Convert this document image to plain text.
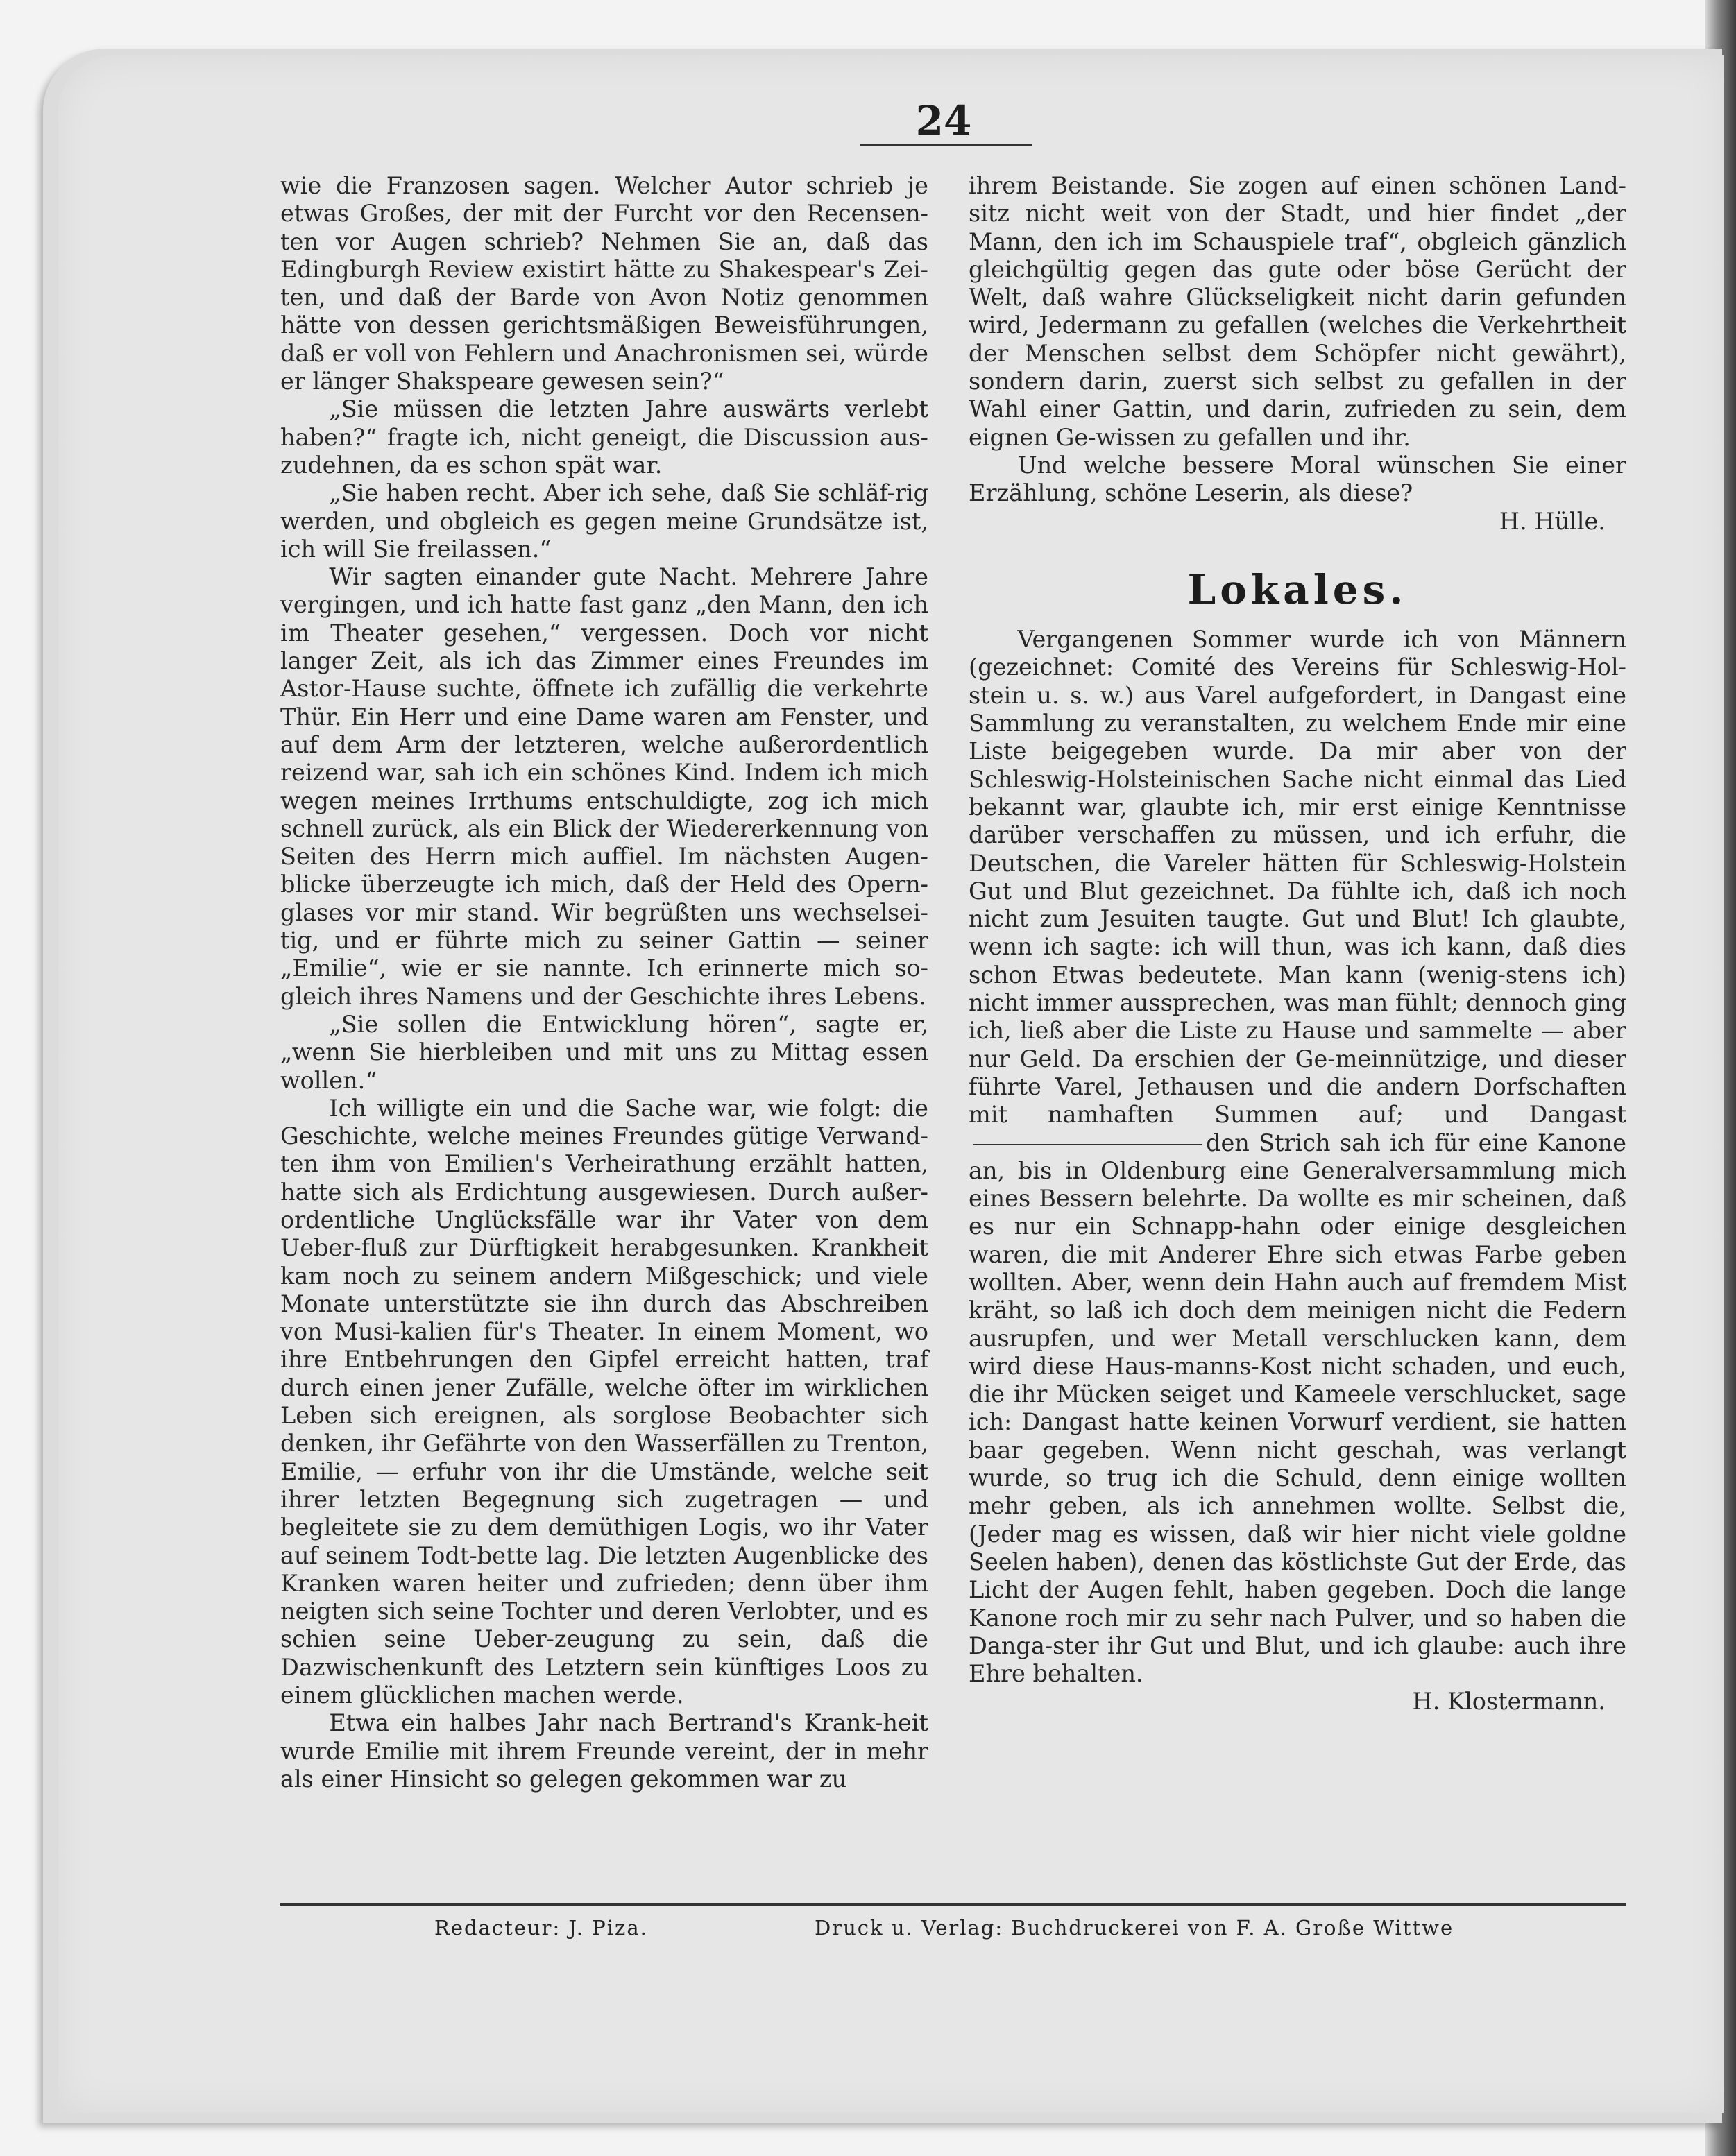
24

wie die Franzosen sagen. Welcher Autor schrieb je etwas Großes, der mit der Furcht vor den Recensen-ten vor Augen schrieb? Nehmen Sie an, daß das Edingburgh Review existirt hätte zu Shakespear's Zei-ten, und daß der Barde von Avon Notiz genommen hätte von dessen gerichtsmäßigen Beweisführungen, daß er voll von Fehlern und Anachronismen sei, würde er länger Shakspeare gewesen sein?“

„Sie müssen die letzten Jahre auswärts verlebt haben?“ fragte ich, nicht geneigt, die Discussion aus-zudehnen, da es schon spät war.

„Sie haben recht. Aber ich sehe, daß Sie schläf-rig werden, und obgleich es gegen meine Grundsätze ist, ich will Sie freilassen.“

Wir sagten einander gute Nacht. Mehrere Jahre vergingen, und ich hatte fast ganz „den Mann, den ich im Theater gesehen,“ vergessen. Doch vor nicht langer Zeit, als ich das Zimmer eines Freundes im Astor-Hause suchte, öffnete ich zufällig die verkehrte Thür. Ein Herr und eine Dame waren am Fenster, und auf dem Arm der letzteren, welche außerordentlich reizend war, sah ich ein schönes Kind. Indem ich mich wegen meines Irrthums entschuldigte, zog ich mich schnell zurück, als ein Blick der Wiedererkennung von Seiten des Herrn mich auffiel. Im nächsten Augen-blicke überzeugte ich mich, daß der Held des Opern-glases vor mir stand. Wir begrüßten uns wechselsei-tig, und er führte mich zu seiner Gattin — seiner „Emilie“, wie er sie nannte. Ich erinnerte mich so-gleich ihres Namens und der Geschichte ihres Lebens.

„Sie sollen die Entwicklung hören“, sagte er, „wenn Sie hierbleiben und mit uns zu Mittag essen wollen.“

Ich willigte ein und die Sache war, wie folgt: die Geschichte, welche meines Freundes gütige Verwand-ten ihm von Emilien's Verheirathung erzählt hatten, hatte sich als Erdichtung ausgewiesen. Durch außer-ordentliche Unglücksfälle war ihr Vater von dem Ueber-fluß zur Dürftigkeit herabgesunken. Krankheit kam noch zu seinem andern Mißgeschick; und viele Monate unterstützte sie ihn durch das Abschreiben von Musi-kalien für's Theater. In einem Moment, wo ihre Entbehrungen den Gipfel erreicht hatten, traf durch einen jener Zufälle, welche öfter im wirklichen Leben sich ereignen, als sorglose Beobachter sich denken, ihr Gefährte von den Wasserfällen zu Trenton, Emilie, — erfuhr von ihr die Umstände, welche seit ihrer letzten Begegnung sich zugetragen — und begleitete sie zu dem demüthigen Logis, wo ihr Vater auf seinem Todt-bette lag. Die letzten Augenblicke des Kranken waren heiter und zufrieden; denn über ihm neigten sich seine Tochter und deren Verlobter, und es schien seine Ueber-zeugung zu sein, daß die Dazwischenkunft des Letztern sein künftiges Loos zu einem glücklichen machen werde.

Etwa ein halbes Jahr nach Bertrand's Krank-heit wurde Emilie mit ihrem Freunde vereint, der in mehr als einer Hinsicht so gelegen gekommen war zu

ihrem Beistande. Sie zogen auf einen schönen Land-sitz nicht weit von der Stadt, und hier findet „der Mann, den ich im Schauspiele traf“, obgleich gänzlich gleichgültig gegen das gute oder böse Gerücht der Welt, daß wahre Glückseligkeit nicht darin gefunden wird, Jedermann zu gefallen (welches die Verkehrtheit der Menschen selbst dem Schöpfer nicht gewährt), sondern darin, zuerst sich selbst zu gefallen in der Wahl einer Gattin, und darin, zufrieden zu sein, dem eignen Ge-wissen zu gefallen und ihr.

Und welche bessere Moral wünschen Sie einer Erzählung, schöne Leserin, als diese?

H. Hülle.

Lokales.

Vergangenen Sommer wurde ich von Männern (gezeichnet: Comité des Vereins für Schleswig-Hol-stein u. s. w.) aus Varel aufgefordert, in Dangast eine Sammlung zu veranstalten, zu welchem Ende mir eine Liste beigegeben wurde. Da mir aber von der Schleswig-Holsteinischen Sache nicht einmal das Lied bekannt war, glaubte ich, mir erst einige Kenntnisse darüber verschaffen zu müssen, und ich erfuhr, die Deutschen, die Vareler hätten für Schleswig-Holstein Gut und Blut gezeichnet. Da fühlte ich, daß ich noch nicht zum Jesuiten taugte. Gut und Blut! Ich glaubte, wenn ich sagte: ich will thun, was ich kann, daß dies schon Etwas bedeutete. Man kann (wenig-stens ich) nicht immer aussprechen, was man fühlt; dennoch ging ich, ließ aber die Liste zu Hause und sammelte — aber nur Geld. Da erschien der Ge-meinnützige, und dieser führte Varel, Jethausen und die andern Dorfschaften mit namhaften Summen auf; und Dangastden Strich sah ich für eine Kanone an, bis in Oldenburg eine Generalversammlung mich eines Bessern belehrte. Da wollte es mir scheinen, daß es nur ein Schnapp-hahn oder einige desgleichen waren, die mit Anderer Ehre sich etwas Farbe geben wollten. Aber, wenn dein Hahn auch auf fremdem Mist kräht, so laß ich doch dem meinigen nicht die Federn ausrupfen, und wer Metall verschlucken kann, dem wird diese Haus-manns-Kost nicht schaden, und euch, die ihr Mücken seiget und Kameele verschlucket, sage ich: Dangast hatte keinen Vorwurf verdient, sie hatten baar gegeben. Wenn nicht geschah, was verlangt wurde, so trug ich die Schuld, denn einige wollten mehr geben, als ich annehmen wollte. Selbst die, (Jeder mag es wissen, daß wir hier nicht viele goldne Seelen haben), denen das köstlichste Gut der Erde, das Licht der Augen fehlt, haben gegeben. Doch die lange Kanone roch mir zu sehr nach Pulver, und so haben die Danga-ster ihr Gut und Blut, und ich glaube: auch ihre Ehre behalten.

H. Klostermann.

Redacteur: J. Piza.	Druck u. Verlag: Buchdruckerei von F. A. Große Wittwe
